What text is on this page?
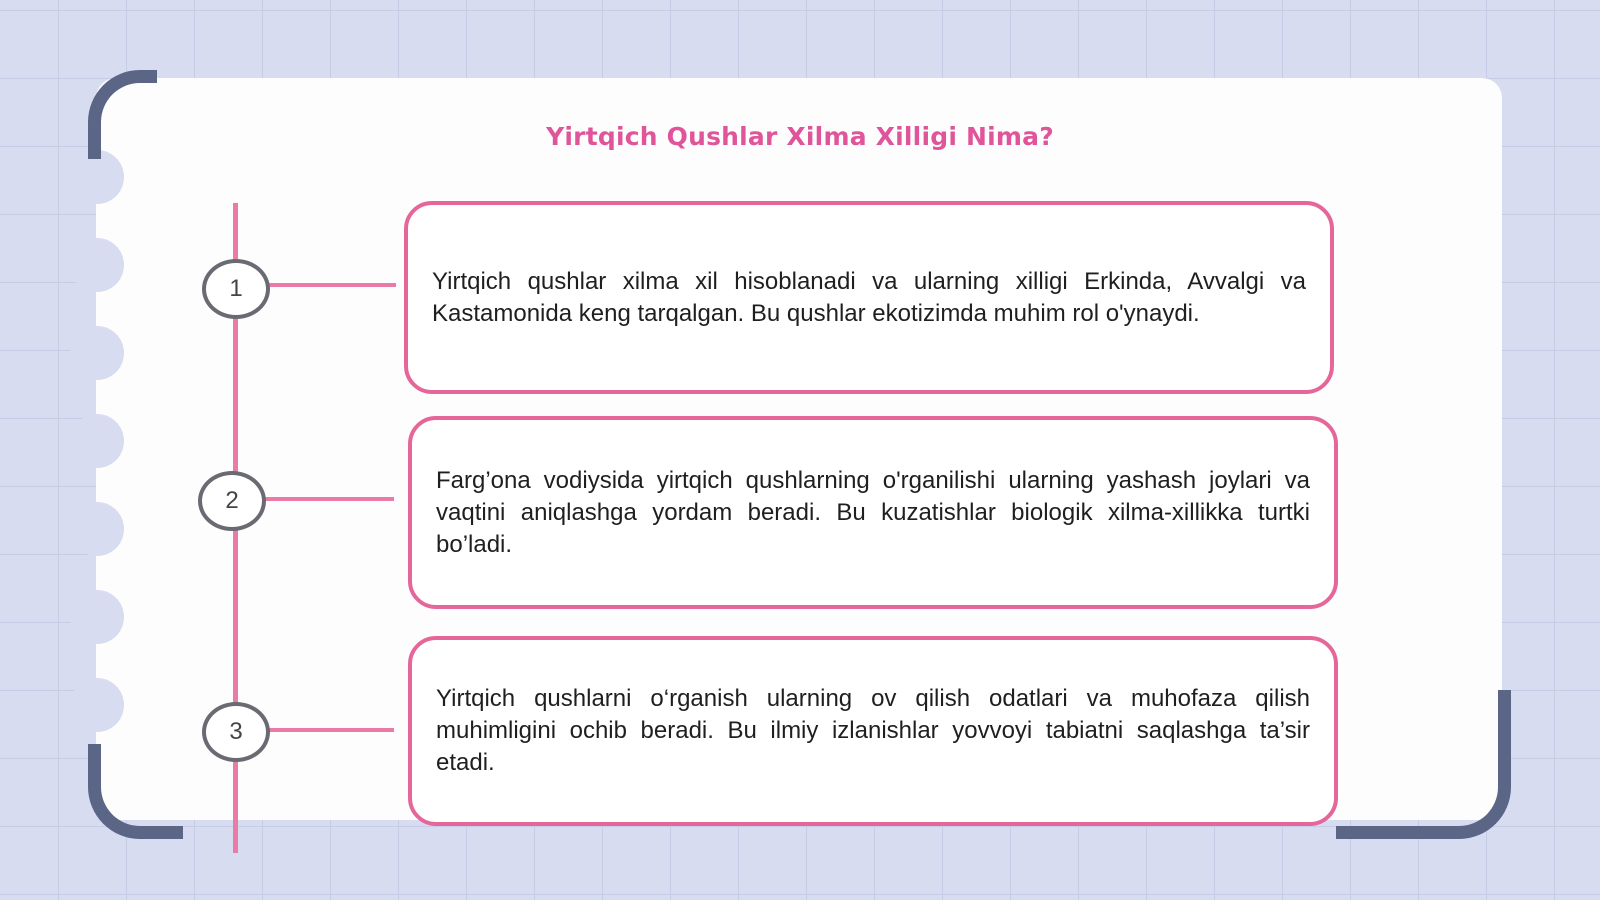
Yirtqich Qushlar Xilma Xilligi Nima?
1	Yirtqich qushlar xilma xil hisoblanadi va ularning xilligi Erkinda, Avvalgi va Kastamonida keng tarqalgan. Bu qushlar ekotizimda muhim rol o'ynaydi.
2
Farg’ona vodiysida yirtqich qushlarning o'rganilishi ularning yashash joylari va vaqtini aniqlashga yordam beradi. Bu kuzatishlar biologik xilma-xillikka turtki bo’ladi.
3
Yirtqich qushlarni o‘rganish ularning ov qilish odatlari va muhofaza qilish muhimligini ochib beradi. Bu ilmiy izlanishlar yovvoyi tabiatni saqlashga ta’sir etadi.
